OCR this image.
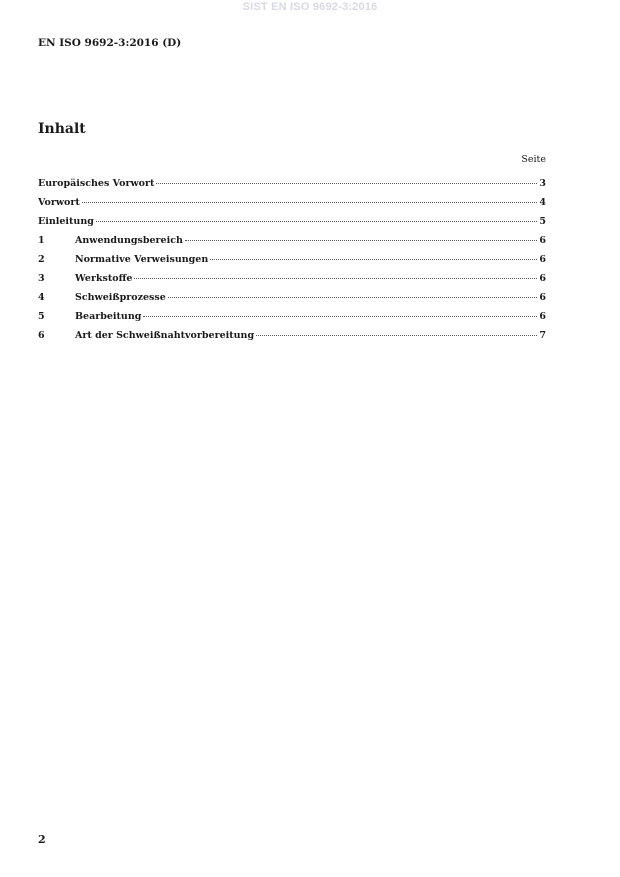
SIST EN ISO 9692-3:2016
EN ISO 9692-3:2016 (D)
Inhalt
Seite
Europäisches Vorwort	3
Vorwort	4
Einleitung	5
1	Anwendungsbereich	6
2	Normative Verweisungen	6
3	Werkstoffe	6
4	Schweißprozesse	6
5	Bearbeitung	6
6	Art der Schweißnahtvorbereitung	7
2
